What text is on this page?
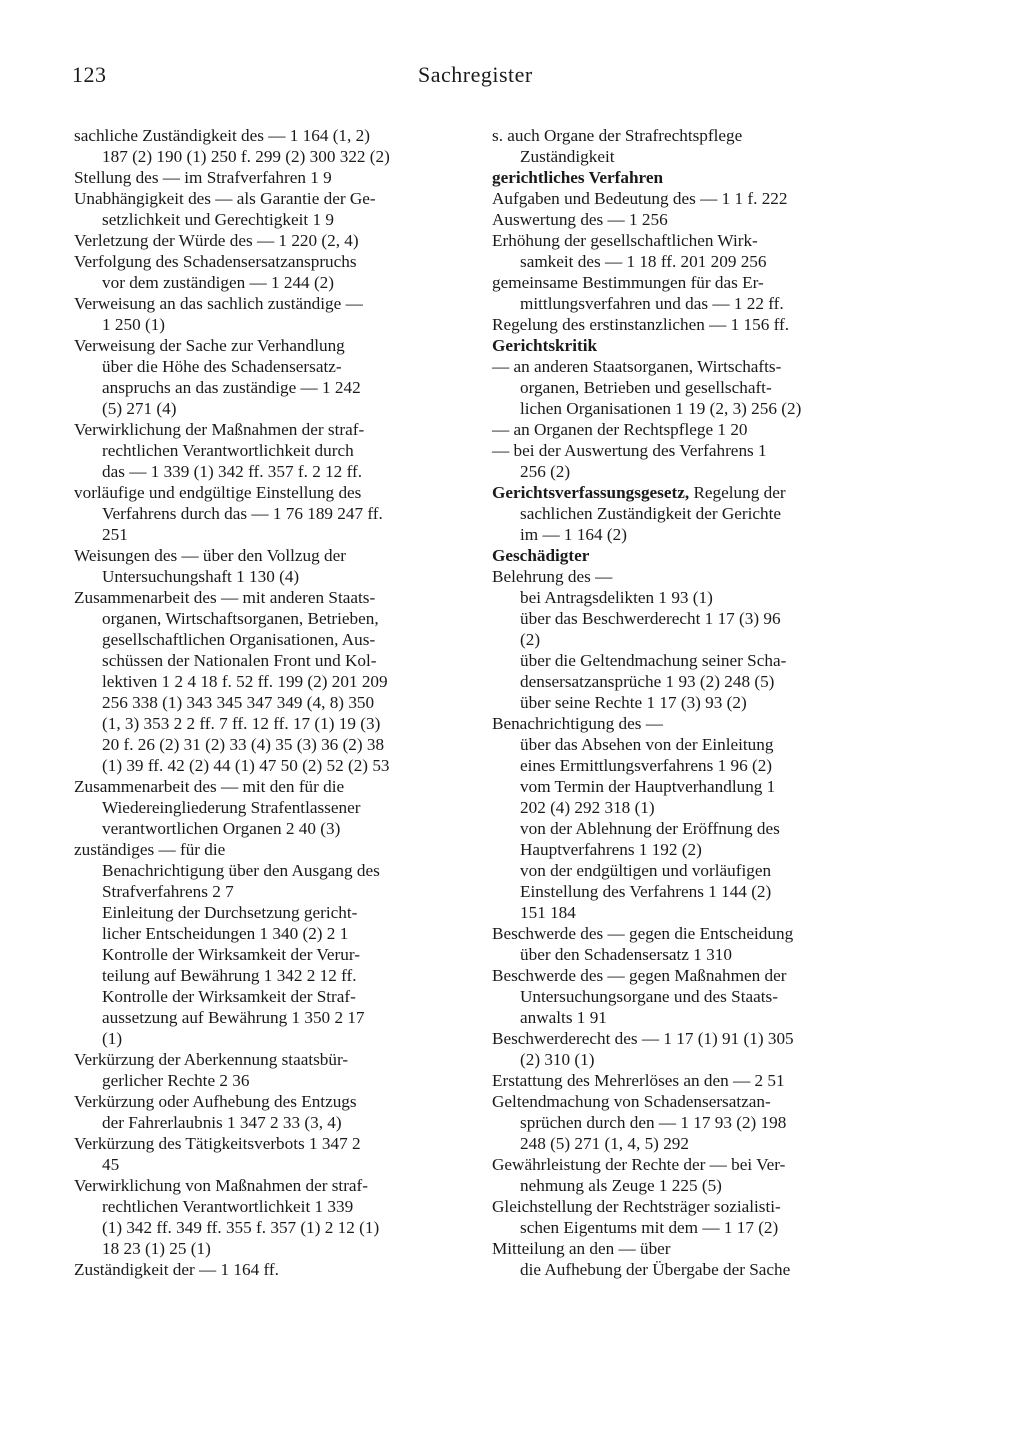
123	Sachregister
sachliche Zuständigkeit des — 1 164 (1, 2)
187 (2) 190 (1) 250 f. 299 (2) 300 322 (2)
Stellung des — im Strafverfahren 1 9
Unabhängigkeit des — als Garantie der Ge-
setzlichkeit und Gerechtigkeit 1 9
Verletzung der Würde des — 1 220 (2, 4)
Verfolgung des Schadensersatzanspruchs
vor dem zuständigen — 1 244 (2)
Verweisung an das sachlich zuständige —
1 250 (1)
Verweisung der Sache zur Verhandlung
über die Höhe des Schadensersatz-
anspruchs an das zuständige — 1 242
(5) 271 (4)
Verwirklichung der Maßnahmen der straf-
rechtlichen Verantwortlichkeit durch
das — 1 339 (1) 342 ff. 357 f. 2 12 ff.
vorläufige und endgültige Einstellung des
Verfahrens durch das — 1 76 189 247 ff.
251
Weisungen des — über den Vollzug der
Untersuchungshaft 1 130 (4)
Zusammenarbeit des — mit anderen Staats-
organen, Wirtschaftsorganen, Betrieben,
gesellschaftlichen Organisationen, Aus-
schüssen der Nationalen Front und Kol-
lektiven 1 2 4 18 f. 52 ff. 199 (2) 201 209
256 338 (1) 343 345 347 349 (4, 8) 350
(1, 3) 353 2 2 ff. 7 ff. 12 ff. 17 (1) 19 (3)
20 f. 26 (2) 31 (2) 33 (4) 35 (3) 36 (2) 38
(1) 39 ff. 42 (2) 44 (1) 47 50 (2) 52 (2) 53
Zusammenarbeit des — mit den für die
Wiedereingliederung Strafentlassener
verantwortlichen Organen 2 40 (3)
zuständiges — für die
Benachrichtigung über den Ausgang des
Strafverfahrens 2 7
Einleitung der Durchsetzung gericht-
licher Entscheidungen 1 340 (2) 2 1
Kontrolle der Wirksamkeit der Verur-
teilung auf Bewährung 1 342 2 12 ff.
Kontrolle der Wirksamkeit der Straf-
aussetzung auf Bewährung 1 350 2 17
(1)
Verkürzung der Aberkennung staatsbür-
gerlicher Rechte 2 36
Verkürzung oder Aufhebung des Entzugs
der Fahrerlaubnis 1 347 2 33 (3, 4)
Verkürzung des Tätigkeitsverbots 1 347 2
45
Verwirklichung von Maßnahmen der straf-
rechtlichen Verantwortlichkeit 1 339
(1) 342 ff. 349 ff. 355 f. 357 (1) 2 12 (1)
18 23 (1) 25 (1)
Zuständigkeit der — 1 164 ff.
s. auch Organe der Strafrechtspflege
Zuständigkeit
gerichtliches Verfahren
Aufgaben und Bedeutung des — 1 1 f. 222
Auswertung des — 1 256
Erhöhung der gesellschaftlichen Wirk-
samkeit des — 1 18 ff. 201 209 256
gemeinsame Bestimmungen für das Er-
mittlungsverfahren und das — 1 22 ff.
Regelung des erstinstanzlichen — 1 156 ff.
Gerichtskritik
— an anderen Staatsorganen, Wirtschafts-
organen, Betrieben und gesellschaft-
lichen Organisationen 1 19 (2, 3) 256 (2)
— an Organen der Rechtspflege 1 20
— bei der Auswertung des Verfahrens 1
256 (2)
Gerichtsverfassungsgesetz, Regelung der
sachlichen Zuständigkeit der Gerichte
im — 1 164 (2)
Geschädigter
Belehrung des —
bei Antragsdelikten 1 93 (1)
über das Beschwerderecht 1 17 (3) 96
(2)
über die Geltendmachung seiner Scha-
densersatzansprüche 1 93 (2) 248 (5)
über seine Rechte 1 17 (3) 93 (2)
Benachrichtigung des —
über das Absehen von der Einleitung
eines Ermittlungsverfahrens 1 96 (2)
vom Termin der Hauptverhandlung 1
202 (4) 292 318 (1)
von der Ablehnung der Eröffnung des
Hauptverfahrens 1 192 (2)
von der endgültigen und vorläufigen
Einstellung des Verfahrens 1 144 (2)
151 184
Beschwerde des — gegen die Entscheidung
über den Schadensersatz 1 310
Beschwerde des — gegen Maßnahmen der
Untersuchungsorgane und des Staats-
anwalts 1 91
Beschwerderecht des — 1 17 (1) 91 (1) 305
(2) 310 (1)
Erstattung des Mehrerlöses an den — 2 51
Geltendmachung von Schadensersatzan-
sprüchen durch den — 1 17 93 (2) 198
248 (5) 271 (1, 4, 5) 292
Gewährleistung der Rechte der — bei Ver-
nehmung als Zeuge 1 225 (5)
Gleichstellung der Rechtsträger sozialisti-
schen Eigentums mit dem — 1 17 (2)
Mitteilung an den — über
die Aufhebung der Übergabe der Sache
